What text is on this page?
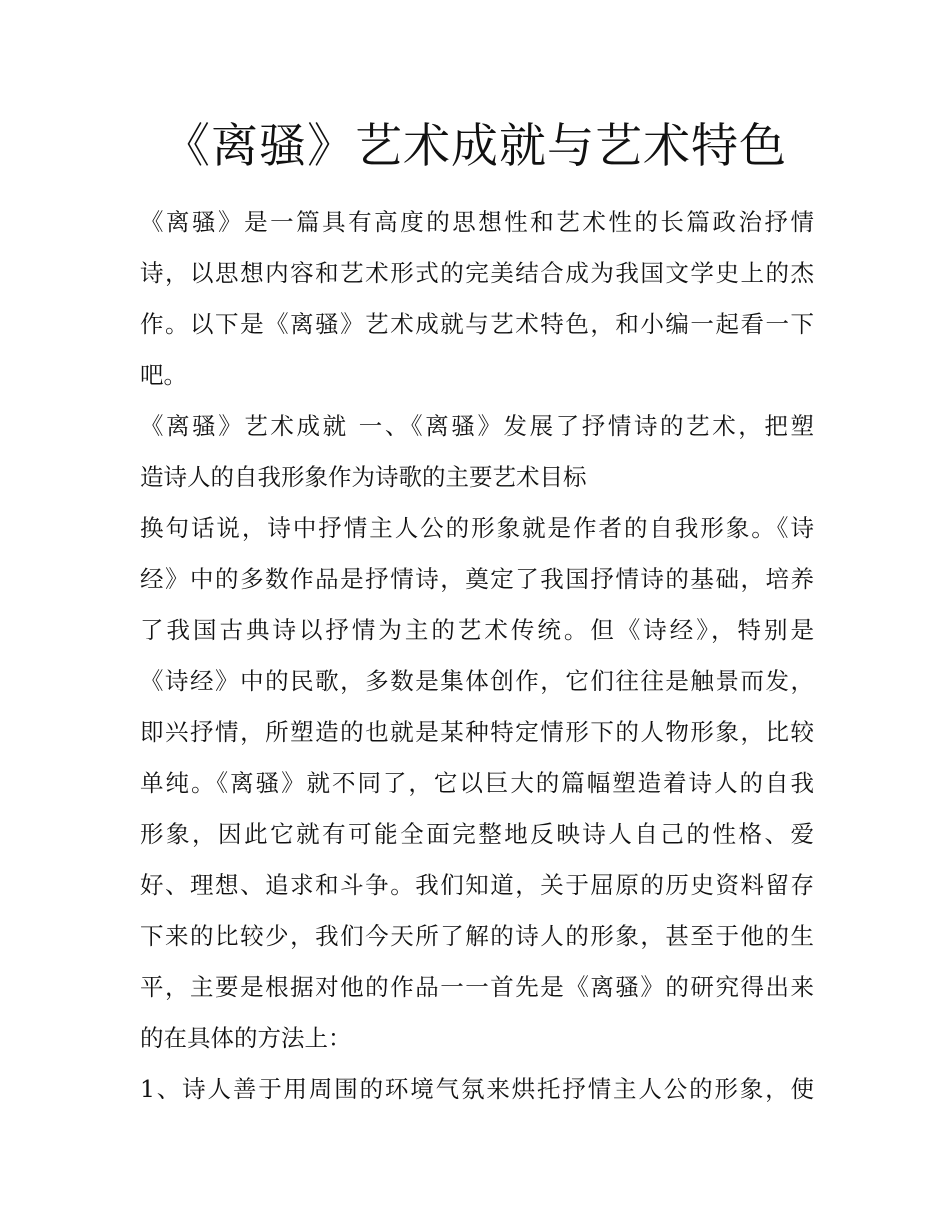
《离骚》艺术成就与艺术特色
《离骚》是一篇具有高度的思想性和艺术性的长篇政治抒情
诗，以思想内容和艺术形式的完美结合成为我国文学史上的杰
作。以下是《离骚》艺术成就与艺术特色，和小编一起看一下
吧。
《离骚》艺术成就 一、《离骚》发展了抒情诗的艺术，把塑
造诗人的自我形象作为诗歌的主要艺术目标
换句话说，诗中抒情主人公的形象就是作者的自我形象。《诗
经》中的多数作品是抒情诗，奠定了我国抒情诗的基础，培养
了我国古典诗以抒情为主的艺术传统。但《诗经》，特别是
《诗经》中的民歌，多数是集体创作，它们往往是触景而发，
即兴抒情，所塑造的也就是某种特定情形下的人物形象，比较
单纯。《离骚》就不同了，它以巨大的篇幅塑造着诗人的自我
形象，因此它就有可能全面完整地反映诗人自己的性格、爱
好、理想、追求和斗争。我们知道，关于屈原的历史资料留存
下来的比较少，我们今天所了解的诗人的形象，甚至于他的生
平，主要是根据对他的作品一一首先是《离骚》的研究得出来
的在具体的方法上：
1、诗人善于用周围的环境气氛来烘托抒情主人公的形象，使
